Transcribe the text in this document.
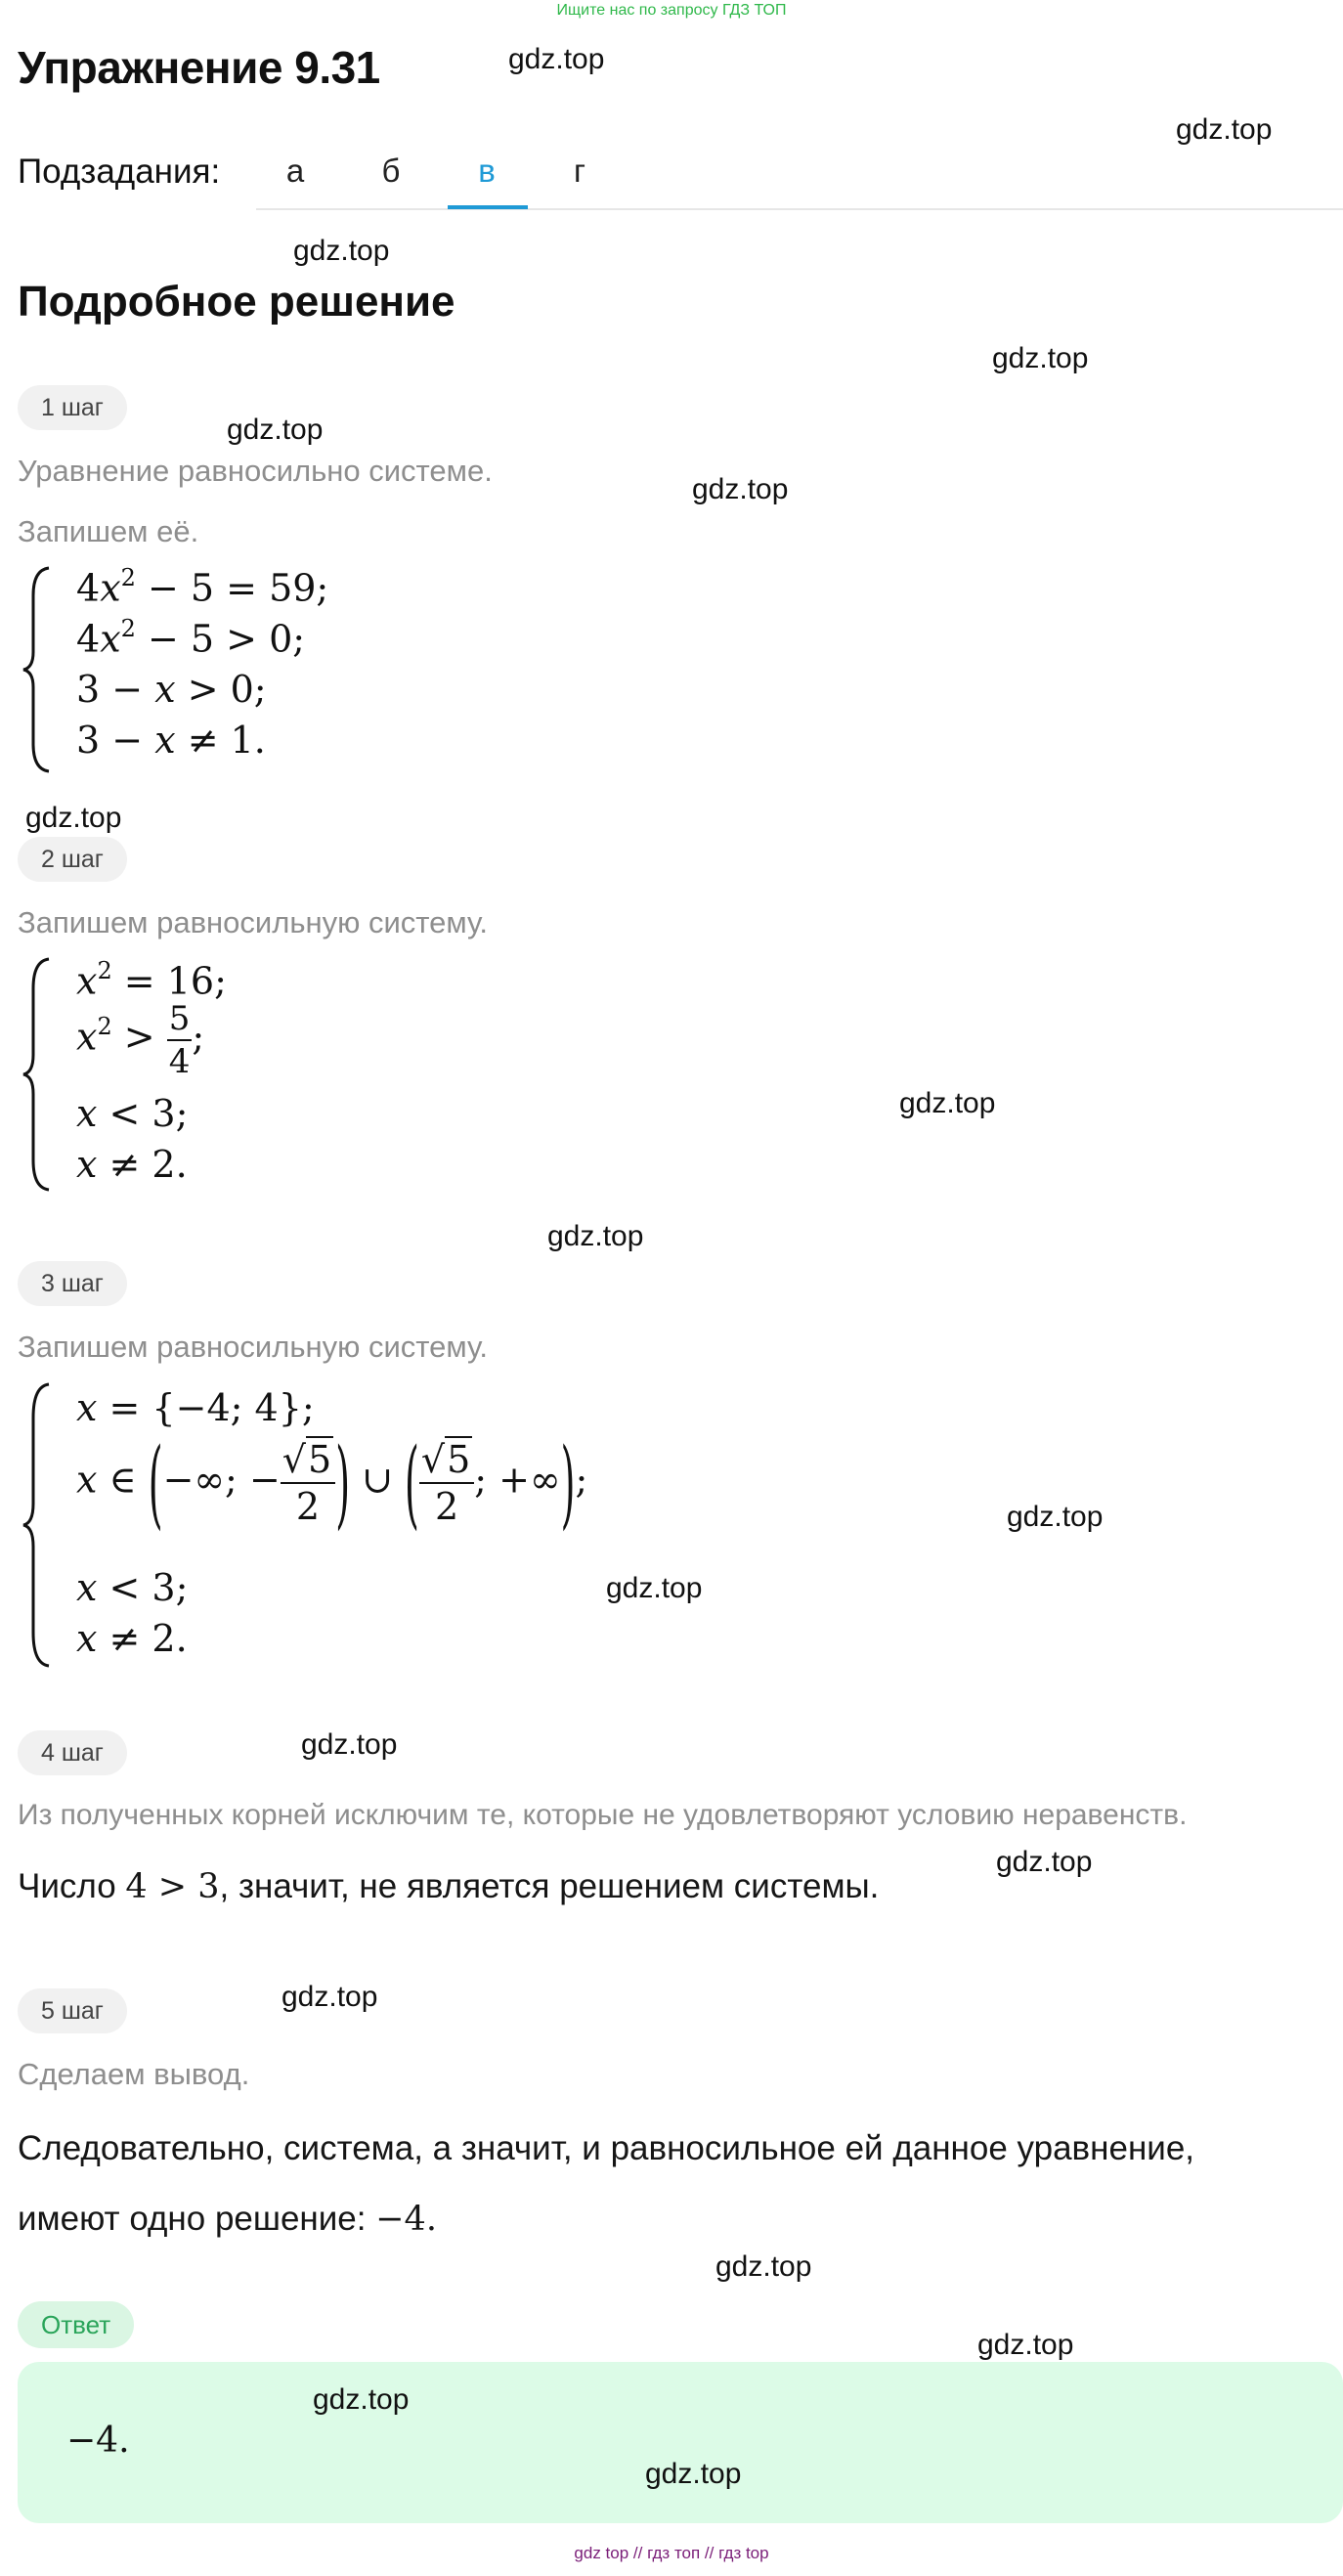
Ищите нас по запросу ГДЗ ТОП
Упражнение 9.31
Подзадания:	а	б	в	г
Подробное решение
1 шаг
Уравнение равносильно системе.
Запишем её.
$4x^2 - 5 = 59$;
$4x^2 - 5 > 0$;
3 − x > 0;
3 − x ≠ 1.
2 шаг
Запишем равносильную систему.
$x^2 = 16$;
$x^2 > \frac{5}{4}$ ;
x < 3;
x ≠ 2.
3 шаг
Запишем равносильную систему.
x = {−4; 4};
x ∈ (−∞; − $\frac{√5}{2}$ ) ∪ ( $\frac{√5}{2}$ ; +∞);
x < 3;
x ≠ 2.
4 шаг
Из полученных корней исключим те, которые не удовлетворяют условию неравенств.
Число 4 > 3, значит, не является решением системы.
5 шаг
Сделаем вывод.
Следовательно, система, а значит, и равносильное ей данное уравнение,
имеют одно решение: −4.
Ответ
−4.
gdz.top
gdz.top
gdz.top
gdz.top
gdz.top
gdz.top
gdz.top
gdz.top
gdz.top
gdz.top
gdz.top
gdz.top
gdz.top
gdz.top
gdz.top
gdz.top
gdz.top
gdz.top
gdz top // гдз топ // гдз top
